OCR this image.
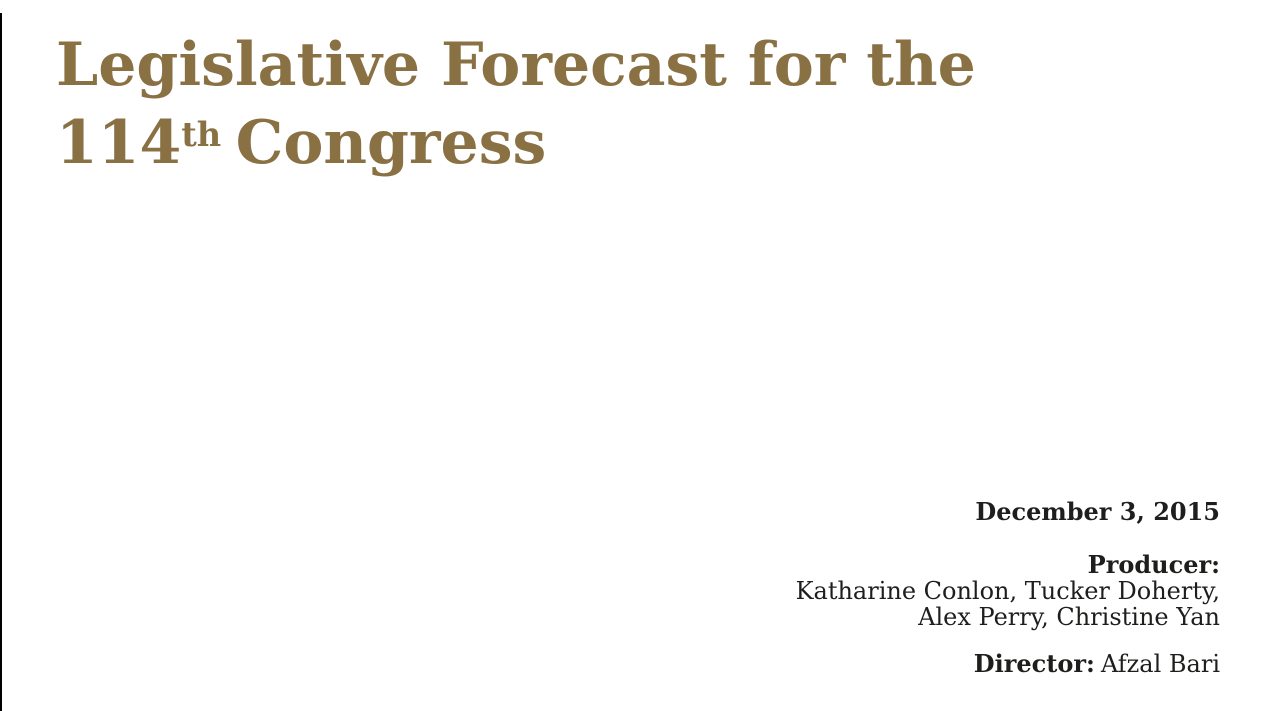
Legislative Forecast for the
114th Congress
December 3, 2015
Producer:
Katharine Conlon, Tucker Doherty,
Alex Perry, Christine Yan
Director: Afzal Bari
